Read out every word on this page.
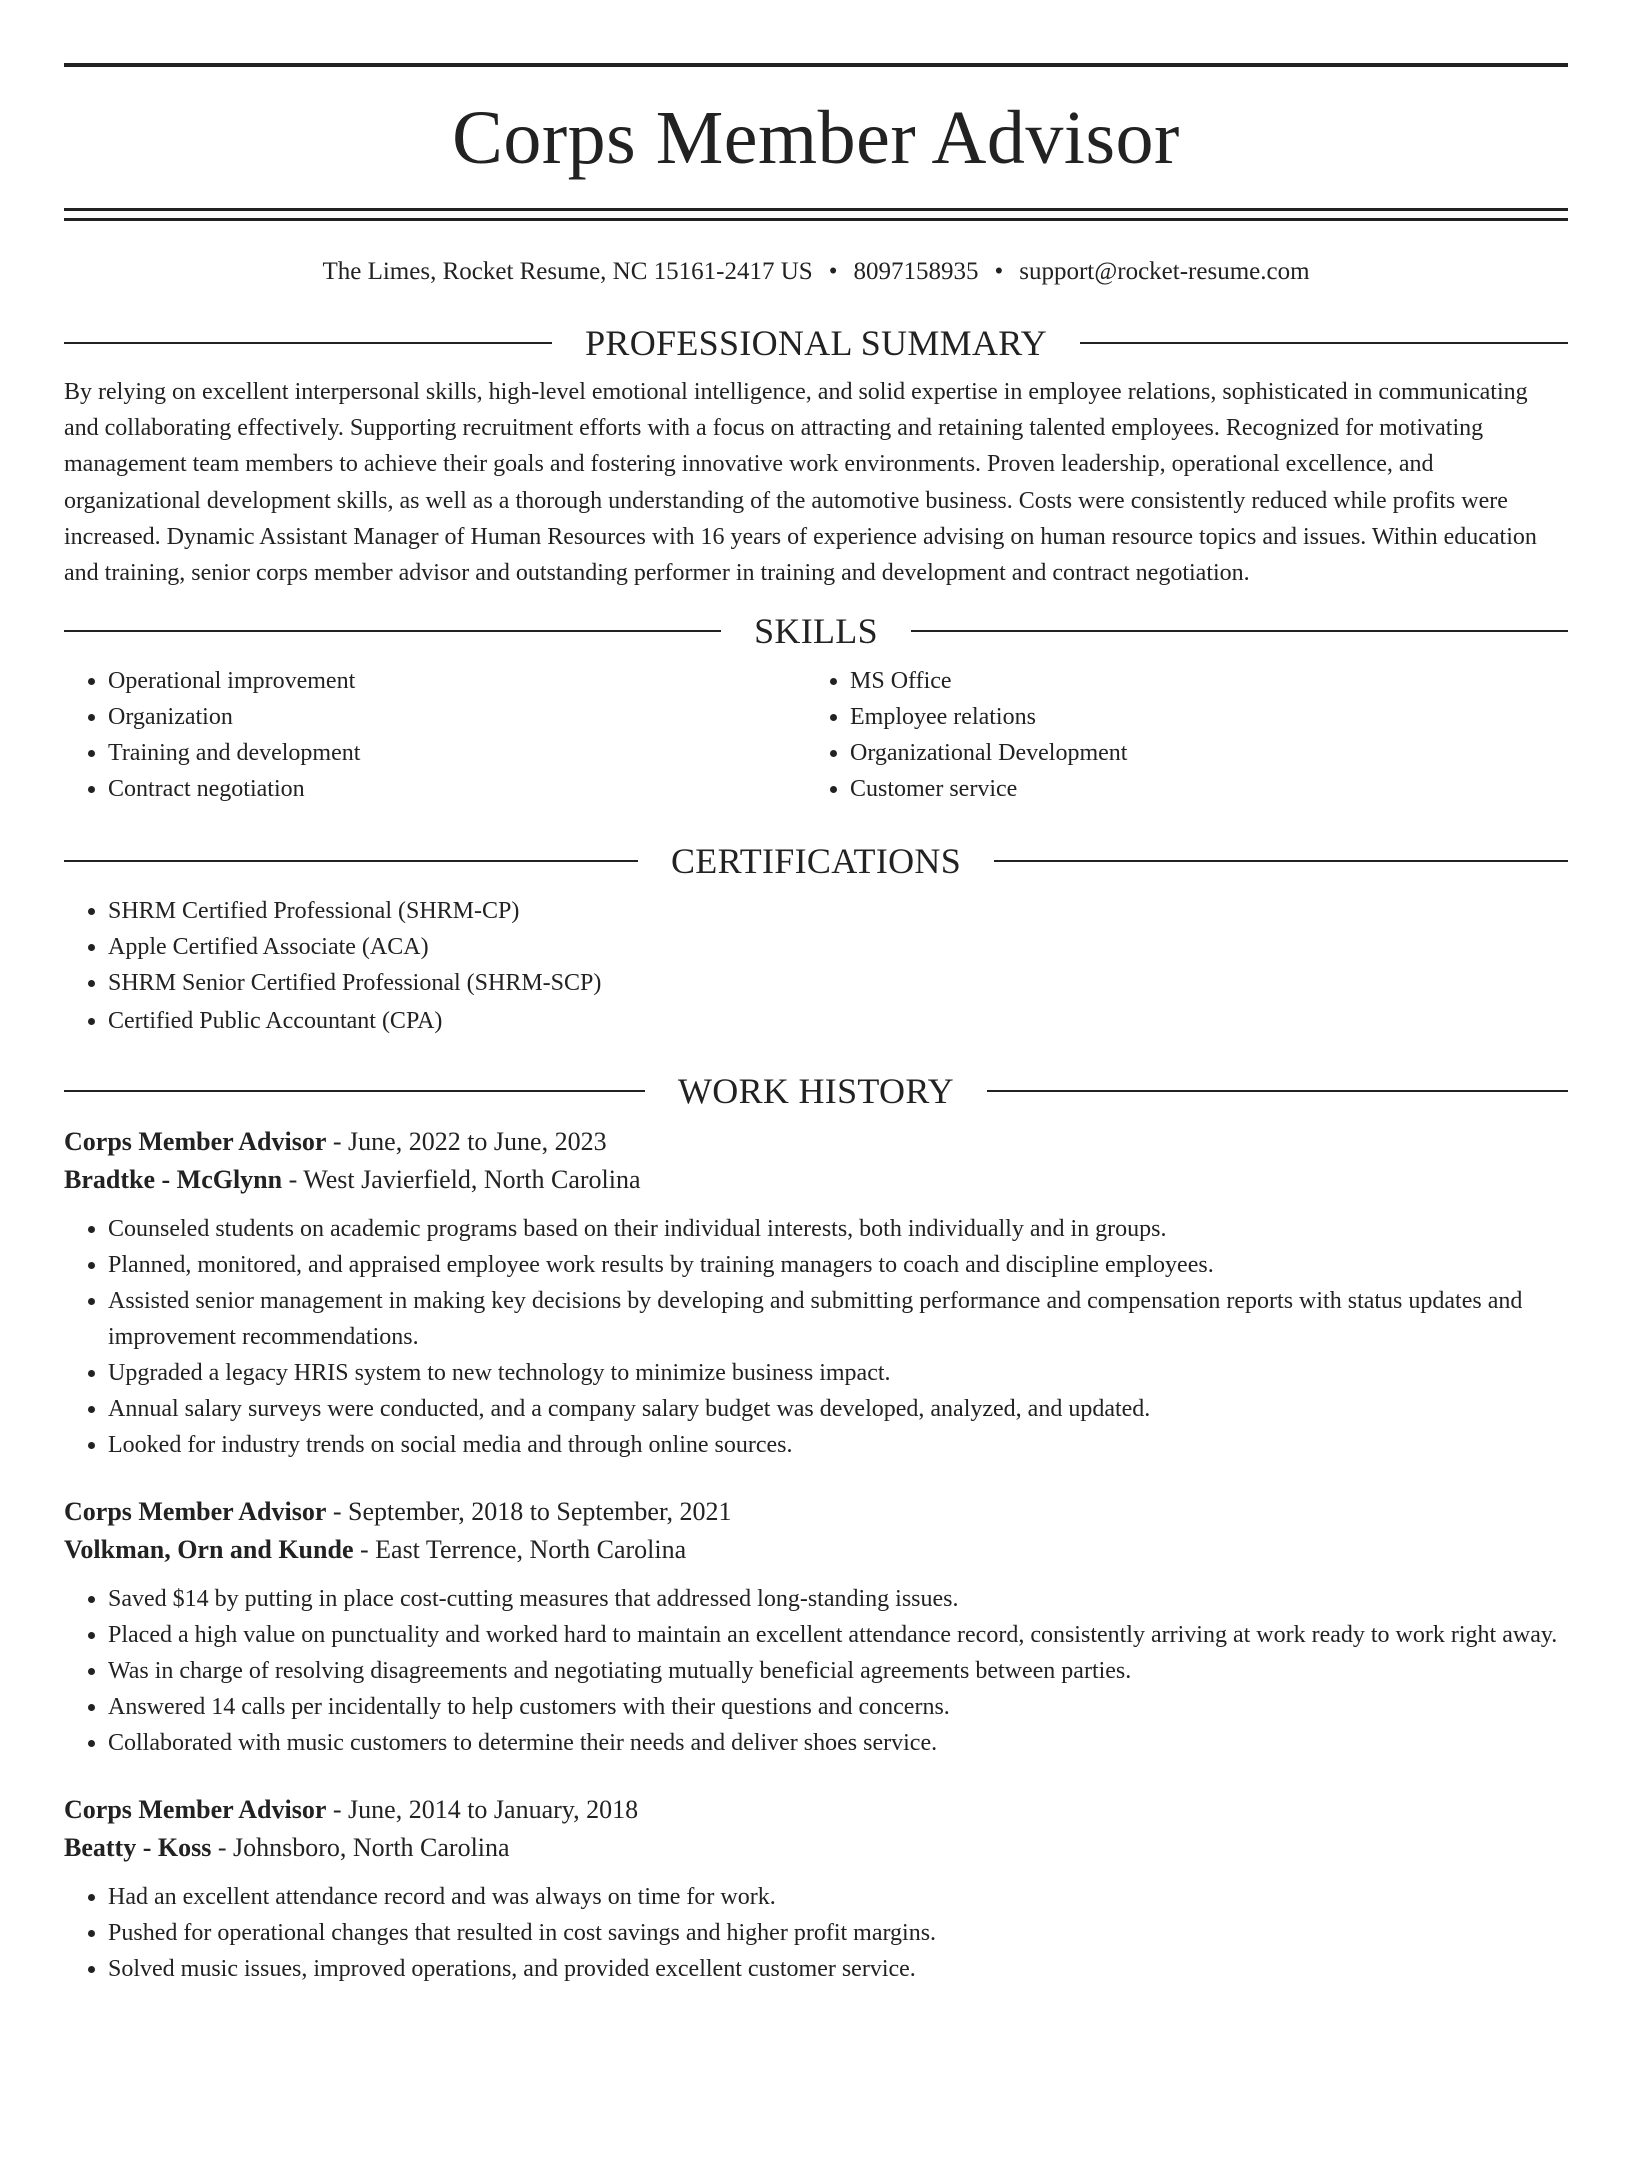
Corps Member Advisor
The Limes, Rocket Resume, NC 15161-2417 US • 8097158935 • support@rocket-resume.com
PROFESSIONAL SUMMARY

By relying on excellent interpersonal skills, high-level emotional intelligence, and solid expertise in employee relations, sophisticated in communicating and collaborating effectively. Supporting recruitment efforts with a focus on attracting and retaining talented employees. Recognized for motivating management team members to achieve their goals and fostering innovative work environments. Proven leadership, operational excellence, and organizational development skills, as well as a thorough understanding of the automotive business. Costs were consistently reduced while profits were increased. Dynamic Assistant Manager of Human Resources with 16 years of experience advising on human resource topics and issues. Within education and training, senior corps member advisor and outstanding performer in training and development and contract negotiation.

SKILLS
• Operational improvement
• Organization
• Training and development
• Contract negotiation
• MS Office
• Employee relations
• Organizational Development
• Customer service
CERTIFICATIONS
• SHRM Certified Professional (SHRM-CP)
• Apple Certified Associate (ACA)
• SHRM Senior Certified Professional (SHRM-SCP)
• Certified Public Accountant (CPA)
WORK HISTORY
Corps Member Advisor - June, 2022 to June, 2023
Bradtke - McGlynn - West Javierfield, North Carolina
• Counseled students on academic programs based on their individual interests, both individually and in groups.
• Planned, monitored, and appraised employee work results by training managers to coach and discipline employees.
• Assisted senior management in making key decisions by developing and submitting performance and compensation reports with status updates and improvement recommendations.
• Upgraded a legacy HRIS system to new technology to minimize business impact.
• Annual salary surveys were conducted, and a company salary budget was developed, analyzed, and updated.
• Looked for industry trends on social media and through online sources.
Corps Member Advisor - September, 2018 to September, 2021
Volkman, Orn and Kunde - East Terrence, North Carolina
• Saved $14 by putting in place cost-cutting measures that addressed long-standing issues.
• Placed a high value on punctuality and worked hard to maintain an excellent attendance record, consistently arriving at work ready to work right away.
• Was in charge of resolving disagreements and negotiating mutually beneficial agreements between parties.
• Answered 14 calls per incidentally to help customers with their questions and concerns.
• Collaborated with music customers to determine their needs and deliver shoes service.
Corps Member Advisor - June, 2014 to January, 2018
Beatty - Koss - Johnsboro, North Carolina
• Had an excellent attendance record and was always on time for work.
• Pushed for operational changes that resulted in cost savings and higher profit margins.
• Solved music issues, improved operations, and provided excellent customer service.
